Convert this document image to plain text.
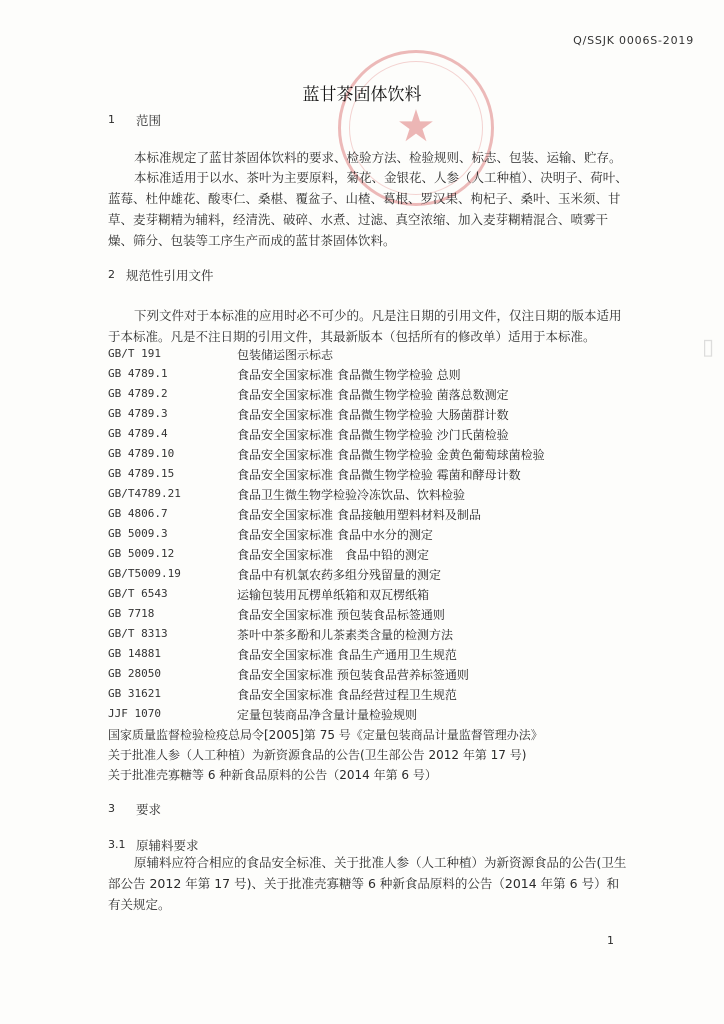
Q/SSJK 0006S-2019
★
蓝甘茶固体饮料
1 范围
本标准规定了蓝甘茶固体饮料的要求、检验方法、检验规则、标志、包装、运输、贮存。
本标准适用于以水、茶叶为主要原料，菊花、金银花、人参（人工种植）、决明子、荷叶、蓝莓、杜仲雄花、酸枣仁、桑椹、覆盆子、山楂、葛根、罗汉果、枸杞子、桑叶、玉米须、甘草、麦芽糊精为辅料，经清洗、破碎、水煮、过滤、真空浓缩、加入麦芽糊精混合、喷雾干燥、筛分、包装等工序生产而成的蓝甘茶固体饮料。
2 规范性引用文件
下列文件对于本标准的应用时必不可少的。凡是注日期的引用文件，仅注日期的版本适用于本标准。凡是不注日期的引用文件，其最新版本（包括所有的修改单）适用于本标准。
GB/T 191	包装储运图示标志
GB 4789.1	食品安全国家标准 食品微生物学检验 总则
GB 4789.2	食品安全国家标准 食品微生物学检验 菌落总数测定
GB 4789.3	食品安全国家标准 食品微生物学检验 大肠菌群计数
GB 4789.4	食品安全国家标准 食品微生物学检验 沙门氏菌检验
GB 4789.10	食品安全国家标准 食品微生物学检验 金黄色葡萄球菌检验
GB 4789.15	食品安全国家标准 食品微生物学检验 霉菌和酵母计数
GB/T4789.21	食品卫生微生物学检验冷冻饮品、饮料检验
GB 4806.7	食品安全国家标准 食品接触用塑料材料及制品
GB 5009.3	食品安全国家标准 食品中水分的测定
GB 5009.12	食品安全国家标准　食品中铅的测定
GB/T5009.19	食品中有机氯农药多组分残留量的测定
GB/T 6543	运输包装用瓦楞单纸箱和双瓦楞纸箱
GB 7718	食品安全国家标准 预包装食品标签通则
GB/T 8313	茶叶中茶多酚和儿茶素类含量的检测方法
GB 14881	食品安全国家标准 食品生产通用卫生规范
GB 28050	食品安全国家标准 预包装食品营养标签通则
GB 31621	食品安全国家标准 食品经营过程卫生规范
JJF 1070	定量包装商品净含量计量检验规则
国家质量监督检验检疫总局令[2005]第 75 号《定量包装商品计量监督管理办法》
关于批准人参（人工种植）为新资源食品的公告(卫生部公告 2012 年第 17 号)
关于批准壳寡糖等 6 种新食品原料的公告（2014 年第 6 号）
3 要求
3.1 原辅料要求
原辅料应符合相应的食品安全标准、关于批准人参（人工种植）为新资源食品的公告(卫生部公告 2012 年第 17 号)、关于批准壳寡糖等 6 种新食品原料的公告（2014 年第 6 号）和有关规定。
▯
1
